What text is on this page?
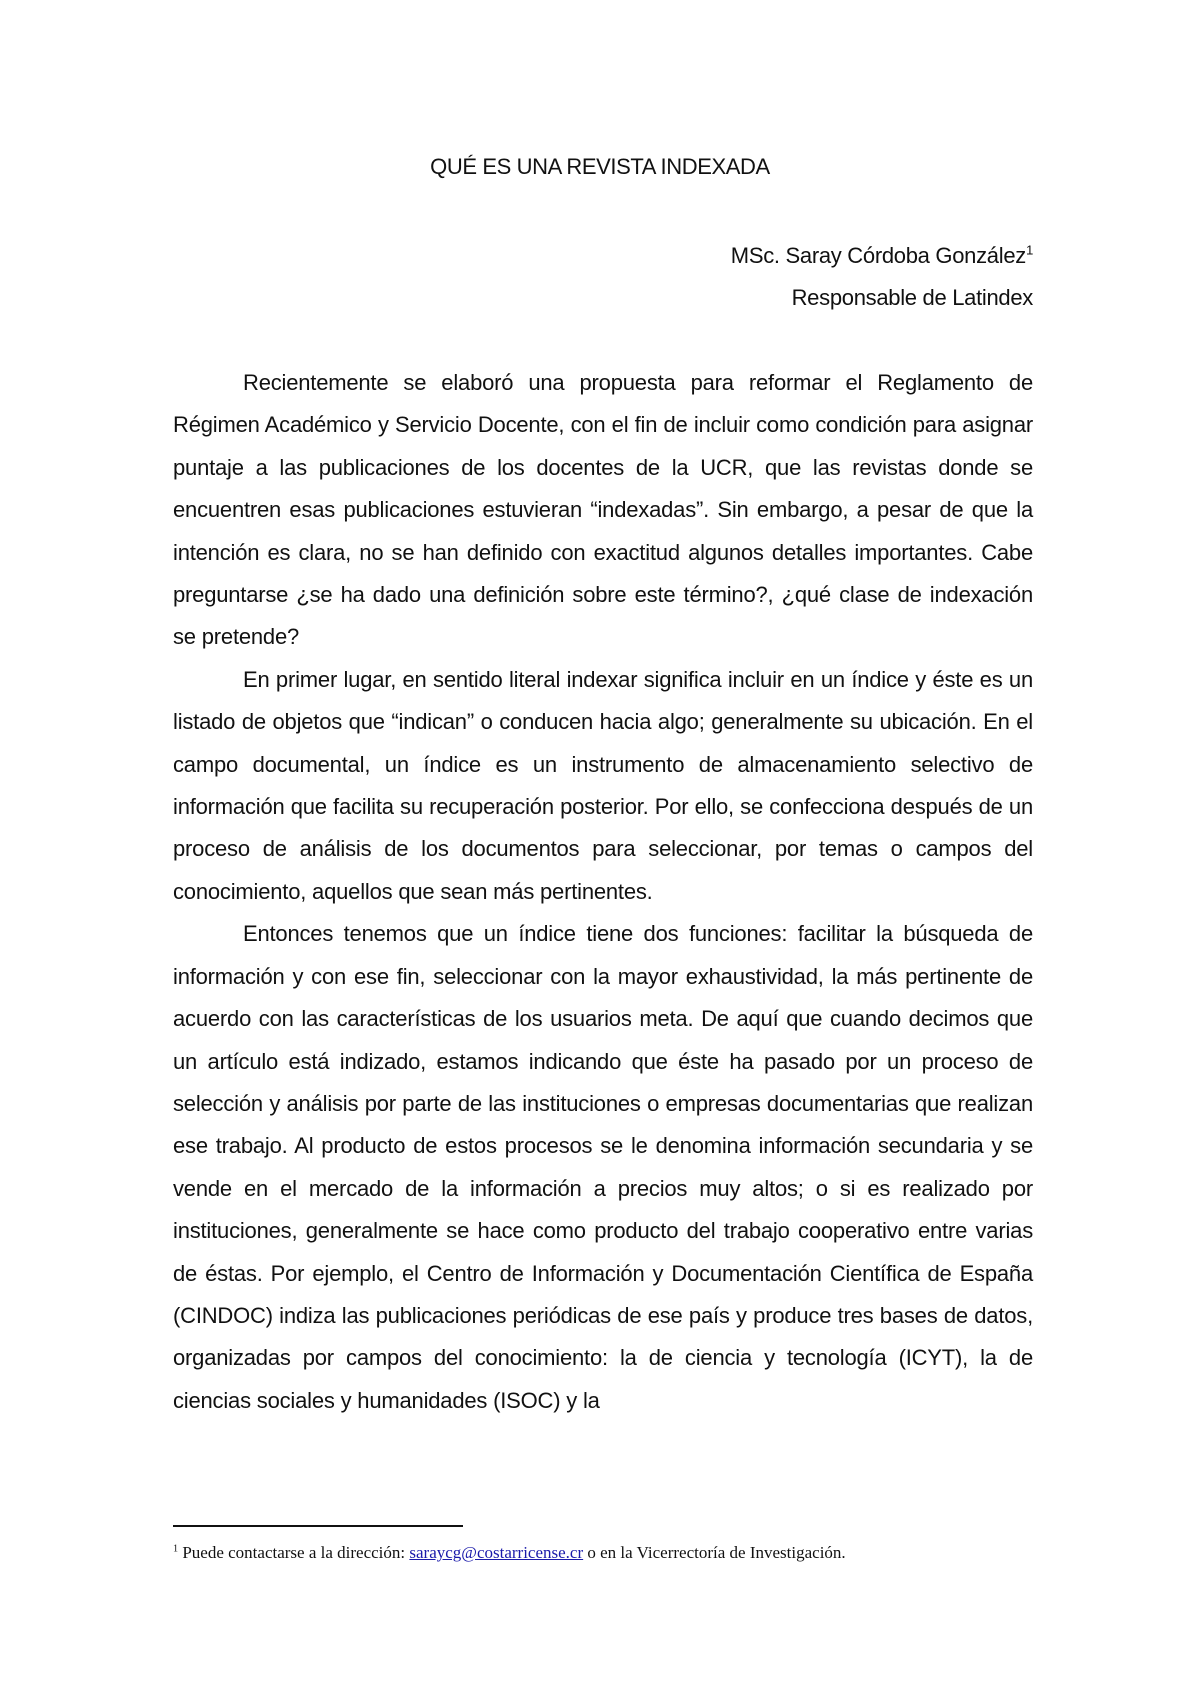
QUÉ ES UNA REVISTA INDEXADA
MSc. Saray Córdoba González$^1$
Responsable de Latindex

Recientemente se elaboró una propuesta para reformar el Reglamento de Régimen Académico y Servicio Docente, con el fin de incluir como condición para asignar puntaje a las publicaciones de los docentes de la UCR, que las revistas donde se encuentren esas publicaciones estuvieran “indexadas”. Sin embargo, a pesar de que la intención es clara, no se han definido con exactitud algunos detalles importantes. Cabe preguntarse ¿se ha dado una definición sobre este término?, ¿qué clase de indexación se pretende?

En primer lugar, en sentido literal indexar significa incluir en un índice y éste es un listado de objetos que “indican” o conducen hacia algo; generalmente su ubicación. En el campo documental, un índice es un instrumento de almacenamiento selectivo de información que facilita su recuperación posterior. Por ello, se confecciona después de un proceso de análisis de los documentos para seleccionar, por temas o campos del conocimiento, aquellos que sean más pertinentes.

Entonces tenemos que un índice tiene dos funciones: facilitar la búsqueda de información y con ese fin, seleccionar con la mayor exhaustividad, la más pertinente de acuerdo con las características de los usuarios meta. De aquí que cuando decimos que un artículo está indizado, estamos indicando que éste ha pasado por un proceso de selección y análisis por parte de las instituciones o empresas documentarias que realizan ese trabajo. Al producto de estos procesos se le denomina información secundaria y se vende en el mercado de la información a precios muy altos; o si es realizado por instituciones, generalmente se hace como producto del trabajo cooperativo entre varias de éstas. Por ejemplo, el Centro de Información y Documentación Científica de España (CINDOC) indiza las publicaciones periódicas de ese país y produce tres bases de datos, organizadas por campos del conocimiento: la de ciencia y tecnología (ICYT), la de ciencias sociales y humanidades (ISOC) y la

$^1$ Puede contactarse a la dirección: saraycg@costarricense.cr o en la Vicerrectoría de Investigación.
